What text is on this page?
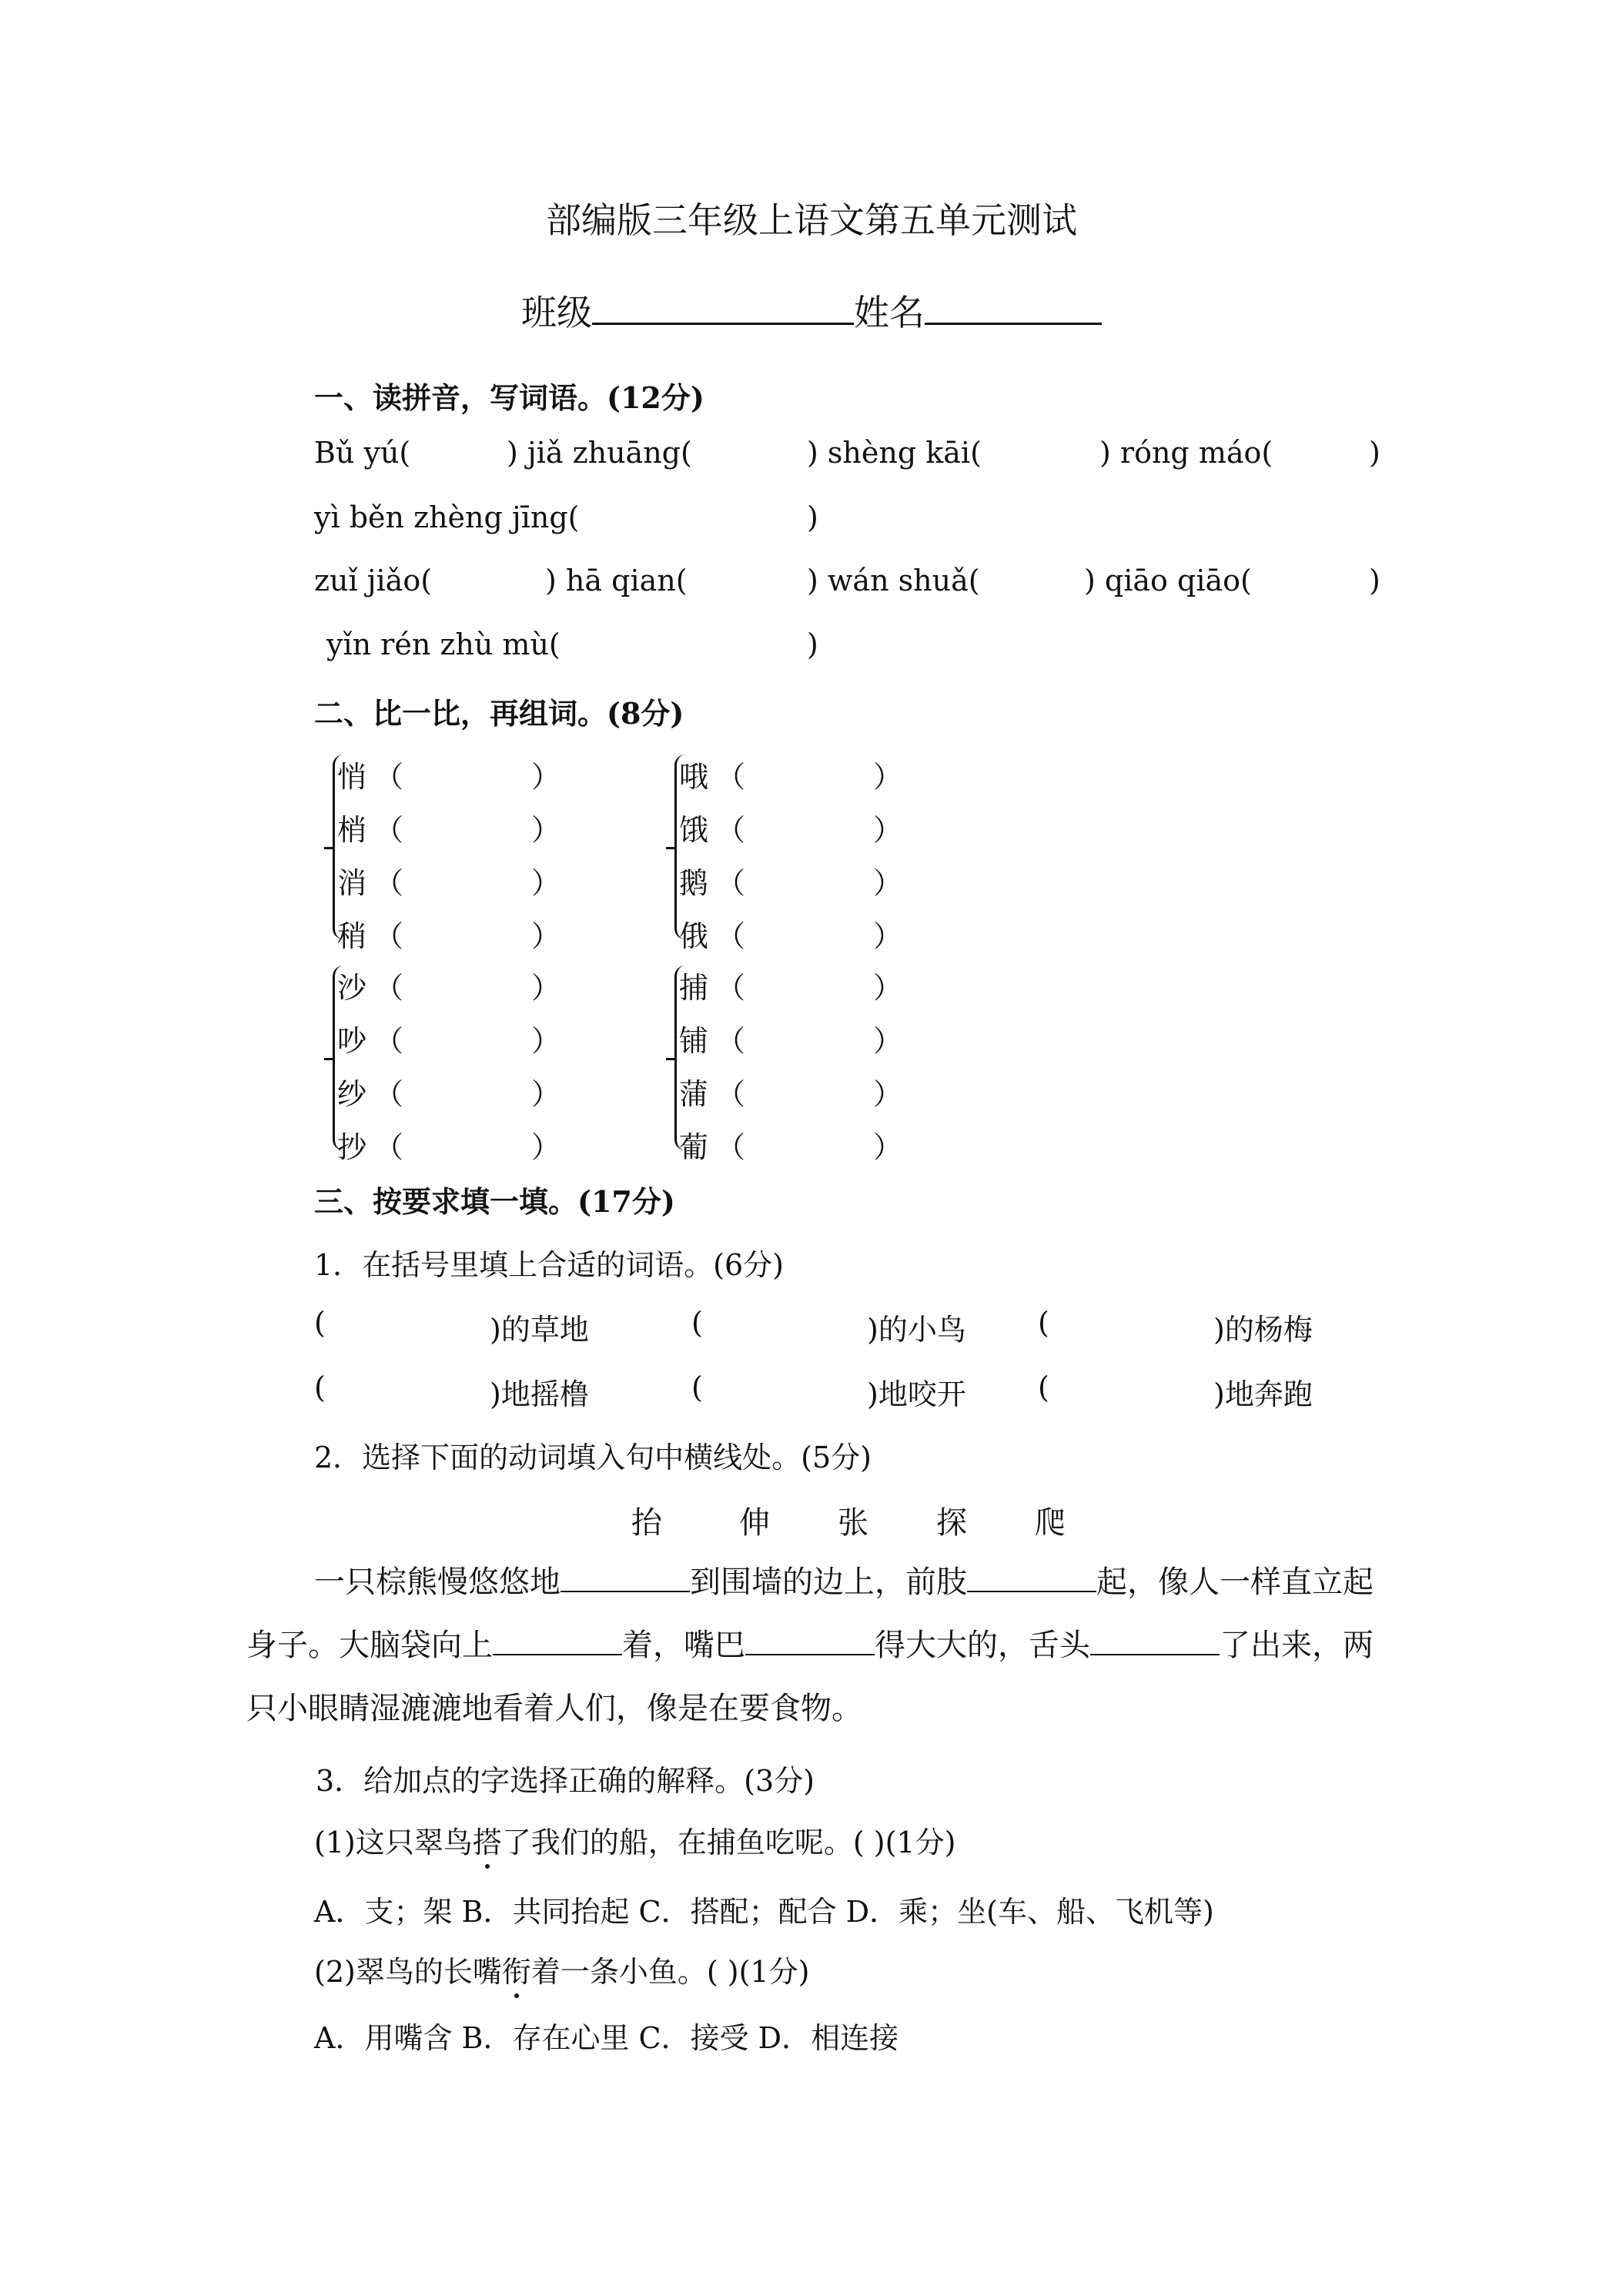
部编版三年级上语文第五单元测试
班级	姓名
一、读拼音，写词语。(12分)
Bǔ yú(	) jiǎ zhuāng(	) shèng kāi(	) róng máo(	)
yì běn zhèng jīng(	)
zuǐ jiǎo(	) hā qian(	) wán shuǎ(	) qiāo qiāo(	)
yǐn rén zhù mù(	)
二、比一比，再组词。(8分)
悄 （	）
梢 （	）
消 （	）
稍 （	）
哦 （	）
饿 （	）
鹅 （	）
俄 （	）
沙 （	）
吵 （	）
纱 （	）
抄 （	）
捕 （	）
铺 （	）
蒲 （	）
葡 （	）
三、按要求填一填。(17分)
1．在括号里填上合适的词语。(6分)
(	)的草地	(	)的小鸟 (	)的杨梅
(	)地摇橹	(	)地咬开 (	)地奔跑
2．选择下面的动词填入句中横线处。(5分)
抬	伸 张 探 爬
一只棕熊慢悠悠地	到围墙的边上，前肢	起，像人一样直立起身子。大脑袋向上	着，嘴巴	得大大的，舌头	了出来，两只小眼睛湿漉漉地看着人们，像是在要食物。
3．给加点的字选择正确的解释。(3分)
(1)这只翠鸟搭了我们的船，在捕鱼吃呢。( )(1分)
A．支；架 B．共同抬起 C．搭配；配合 D．乘；坐(车、船、飞机等)
(2)翠鸟的长嘴衔着一条小鱼。( )(1分)
A．用嘴含 B．存在心里 C．接受 D．相连接
